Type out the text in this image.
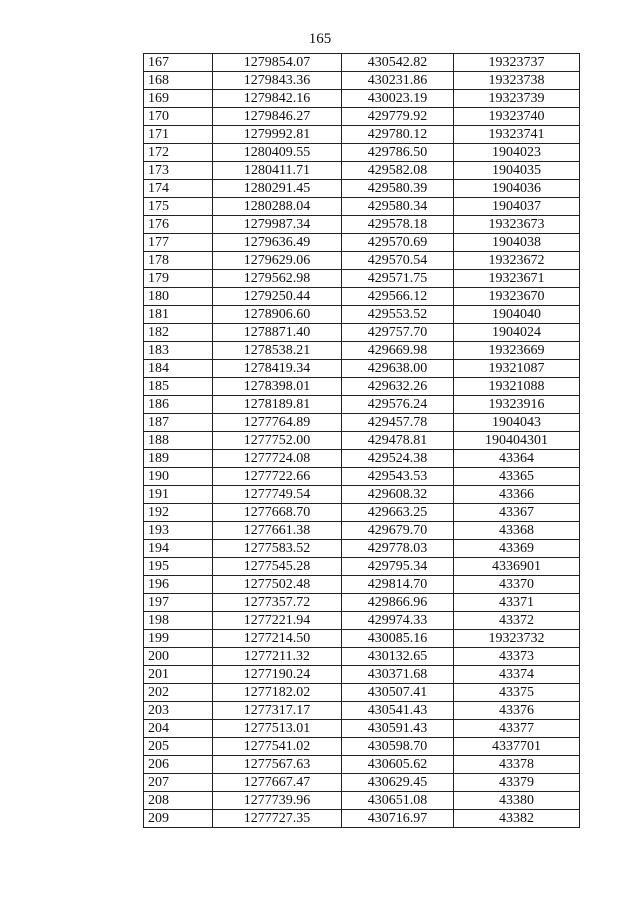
165
167	1279854.07	430542.82	19323737
168	1279843.36	430231.86	19323738
169	1279842.16	430023.19	19323739
170	1279846.27	429779.92	19323740
171	1279992.81	429780.12	19323741
172	1280409.55	429786.50	1904023
173	1280411.71	429582.08	1904035
174	1280291.45	429580.39	1904036
175	1280288.04	429580.34	1904037
176	1279987.34	429578.18	19323673
177	1279636.49	429570.69	1904038
178	1279629.06	429570.54	19323672
179	1279562.98	429571.75	19323671
180	1279250.44	429566.12	19323670
181	1278906.60	429553.52	1904040
182	1278871.40	429757.70	1904024
183	1278538.21	429669.98	19323669
184	1278419.34	429638.00	19321087
185	1278398.01	429632.26	19321088
186	1278189.81	429576.24	19323916
187	1277764.89	429457.78	1904043
188	1277752.00	429478.81	190404301
189	1277724.08	429524.38	43364
190	1277722.66	429543.53	43365
191	1277749.54	429608.32	43366
192	1277668.70	429663.25	43367
193	1277661.38	429679.70	43368
194	1277583.52	429778.03	43369
195	1277545.28	429795.34	4336901
196	1277502.48	429814.70	43370
197	1277357.72	429866.96	43371
198	1277221.94	429974.33	43372
199	1277214.50	430085.16	19323732
200	1277211.32	430132.65	43373
201	1277190.24	430371.68	43374
202	1277182.02	430507.41	43375
203	1277317.17	430541.43	43376
204	1277513.01	430591.43	43377
205	1277541.02	430598.70	4337701
206	1277567.63	430605.62	43378
207	1277667.47	430629.45	43379
208	1277739.96	430651.08	43380
209	1277727.35	430716.97	43382
